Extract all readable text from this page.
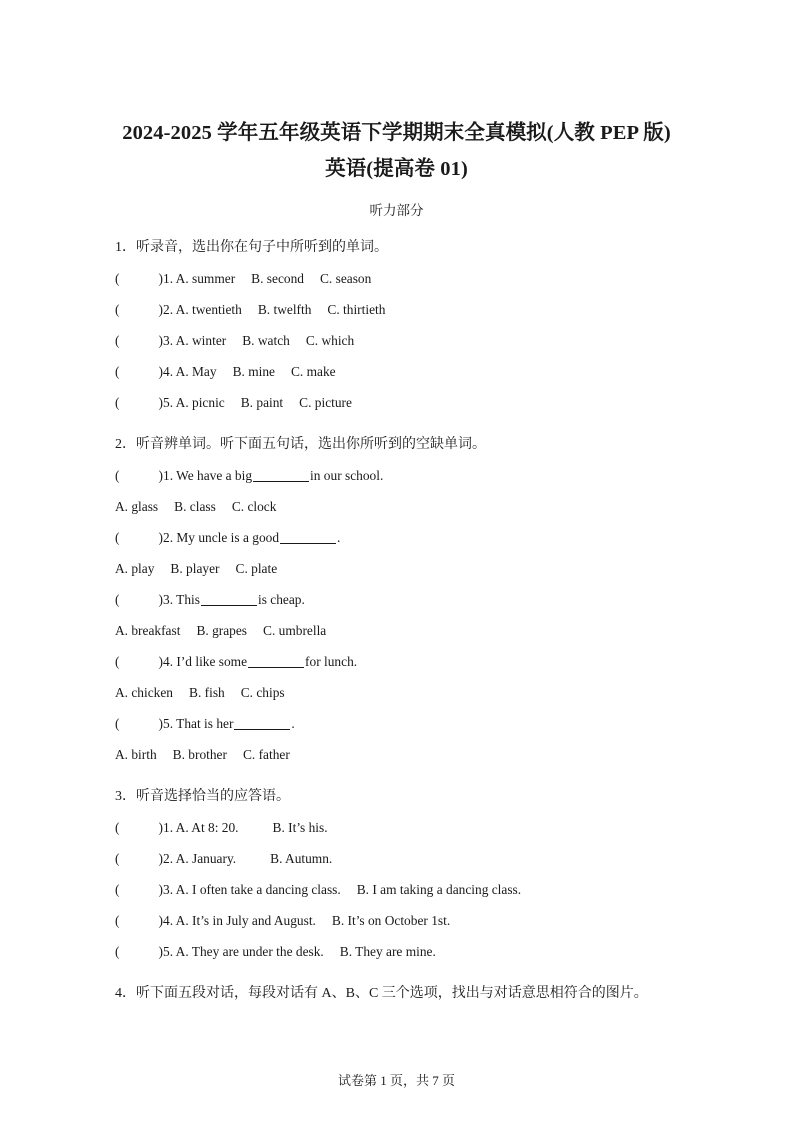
2024-2025 学年五年级英语下学期期末全真模拟(人教 PEP 版)英语(提高卷 01)
听力部分

1．听录音，选出你在句子中所听到的单词。

(	) 1. A. summer B. second C. season

(	) 2. A. twentieth B. twelfth C. thirtieth

(	) 3. A. winter B. watch C. which

(	) 4. A. May B. mine C. make

(	) 5. A. picnic B. paint C. picture

2．听音辨单词。听下面五句话，选出你所听到的空缺单词。

(	) 1. We have a big	in our school.

A. glass B. class C. clock

(	) 2. My uncle is a good	.

A. play B. player C. plate

(	) 3. This	is cheap.

A. breakfast B. grapes C. umbrella

(	) 4. I’d like some	for lunch.

A. chicken B. fish C. chips

(	) 5. That is her	.

A. birth B. brother C. father

3．听音选择恰当的应答语。

(	) 1. A. At 8: 20.	B. It’s his.

(	) 2. A. January.	B. Autumn.

(	) 3. A. I often take a dancing class. B. I am taking a dancing class.

(	) 4. A. It’s in July and August. B. It’s on October 1st.

(	) 5. A. They are under the desk. B. They are mine.

4．听下面五段对话，每段对话有 A、B、C 三个选项，找出与对话意思相符合的图片。

试卷第 1 页，共 7 页
